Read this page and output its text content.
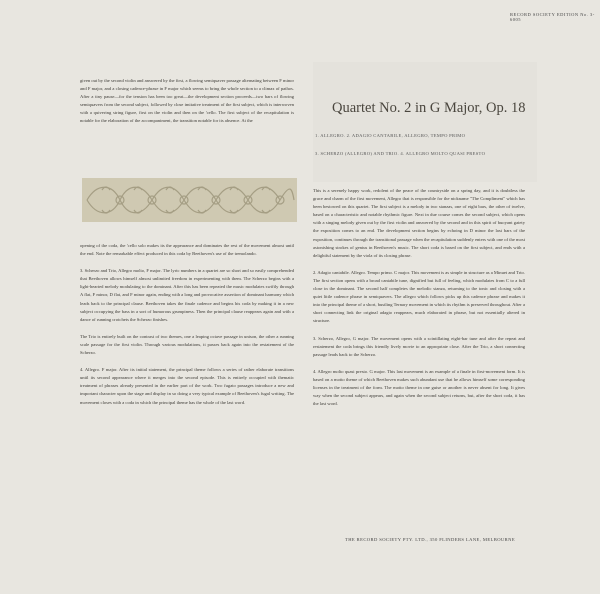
RECORD SOCIETY EDITION No. 3-6005

given out by the second violin and answered by the first, a flowing semiquaver passage alternating between F minor and F major, and a closing cadence-phrase in F major which seems to bring the whole section to a climax of pathos. After a tiny pause—for the tension has been too great—the development section proceeds—two bars of flowing semiquavers from the second subject, followed by close imitative treatment of the first subject, which is interwoven with a quivering string figure, first on the violin and then on the 'cello. The first subject of the recapitulation is notable for the elaboration of the accompaniment, the transition notable for its absence. At the

opening of the coda, the 'cello solo makes its the appearance and dominates the rest of the movement almost until the end. Note the remarkable effect produced in this coda by Beethoven's use of the tremolando.

3. Scherzo and Trio, Allegro molto, F major. The lyric numbers in a quartet are so short and so easily comprehended that Beethoven allows himself almost unlimited freedom in experimenting with them. The Scherzo begins with a light-hearted melody modulating to the dominant. After this has been repeated the music modulates swiftly through A flat, F minor, D flat, and F minor again, ending with a long and provocative assertion of dominant harmony which leads back to the principal clause. Beethoven takes the finale cadence and begins his coda by making it in a new subject occupying the bass in a sort of humorous grumpiness. Then the principal clause reappears again and with a dance of running crotchets the Scherzo finishes.

The Trio is entirely built on the contrast of two themes, one a leaping octave passage in unison, the other a running scale passage for the first violin. Through various modulations, it passes back again into the restatement of the Scherzo.

4. Allegro. F major. After its initial statement, the principal theme follows a series of rather elaborate transitions until its second appearance where it merges into the second episode. This is entirely occupied with thematic treatment of phrases already presented in the earlier part of the work. Two fugato passages introduce a new and important character upon the stage and display in so doing a very typical example of Beethoven's fugal writing. The movement closes with a coda in which the principal theme has the whole of the last word.

Quartet No. 2 in G Major, Op. 18
1. ALLEGRO. 2. ADAGIO CANTABILE, ALLEGRO, TEMPO PRIMO
3. SCHERZO (ALLEGRO) AND TRIO. 4. ALLEGRO MOLTO QUASI PRESTO

This is a serenely happy work, redolent of the peace of the countryside on a spring day, and it is doubtless the grace and charm of the first movement, Allegro that is responsible for the nickname "The Compliment" which has been bestowed on this quartet. The first subject is a melody in two stanzas, one of eight bars, the other of twelve, based on a characteristic and notable rhythmic figure. Next in due course comes the second subject, which opens with a singing melody given out by the first violin and answered by the second and in this spirit of buoyant gaiety the exposition comes to an end. The development section begins by echoing in D minor the last bars of the exposition, continues through the transitional passage when the recapitulation suddenly enters with one of the most astonishing strokes of genius in Beethoven's music. The short coda is based on the first subject, and ends with a delightful statement by the viola of its closing phrase.

2. Adagio cantabile. Allegro. Tempo primo. C major. This movement is as simple in structure as a Minuet and Trio. The first section opens with a broad cantabile tune, dignified but full of feeling, which modulates from C to a full close in the dominant. The second half completes the melodic stanza, returning to the tonic and closing with a quiet little cadence phrase in semiquavers. The allegro which follows picks up this cadence phrase and makes it into the principal theme of a short, bustling Ternary movement in which its rhythm is preserved throughout. After a short connecting link the original adagio reappears, much elaborated in phrase, but not essentially altered in structure.

3. Scherzo, Allegro, G major. The movement opens with a scintillating eight-bar tune and after the repeat and restatement the coda brings this friendly lively movie to an appropriate close. After the Trio, a short connecting passage leads back to the Scherzo.

4. Allegro molto quasi presto. G major. This last movement is an example of a finale in first-movement form. It is based on a motto theme of which Beethoven makes such abundant use that he allows himself some corresponding licenses in the treatment of the form. The motto theme in one guise or another is never absent for long. It gives way when the second subject appears, and again when the second subject returns, but, after the short coda, it has the last word.

THE RECORD SOCIETY PTY. LTD., 350 FLINDERS LANE, MELBOURNE
